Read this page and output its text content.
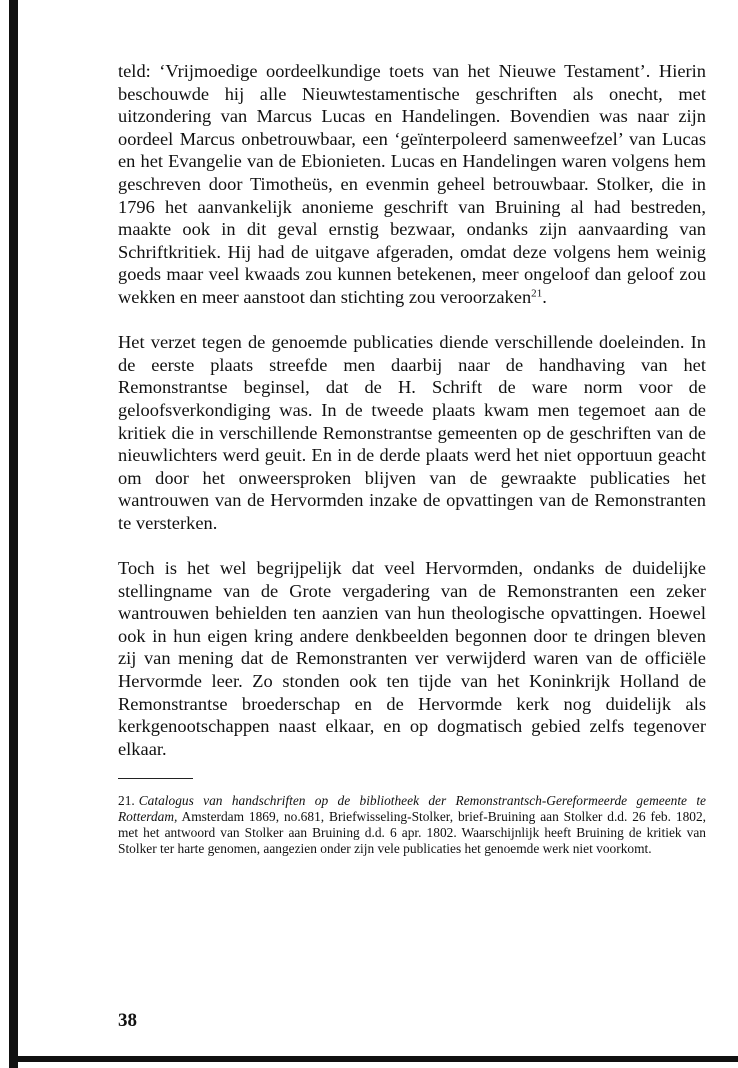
teld: ‘Vrijmoedige oordeelkundige toets van het Nieuwe Testament’. Hierin beschouwde hij alle Nieuwtestamentische geschriften als onecht, met uitzondering van Marcus Lucas en Handelingen. Bovendien was naar zijn oordeel Marcus onbetrouwbaar, een ‘geïnterpoleerd samenweefzel’ van Lucas en het Evangelie van de Ebionieten. Lucas en Handelingen waren volgens hem geschreven door Timotheüs, en evenmin geheel betrouwbaar. Stolker, die in 1796 het aanvankelijk anonieme geschrift van Bruining al had bestreden, maakte ook in dit geval ernstig bezwaar, ondanks zijn aanvaarding van Schriftkritiek. Hij had de uitgave afgeraden, omdat deze volgens hem weinig goeds maar veel kwaads zou kunnen betekenen, meer ongeloof dan geloof zou wekken en meer aanstoot dan stichting zou veroorzaken$^{21}$.

Het verzet tegen de genoemde publicaties diende verschillende doeleinden. In de eerste plaats streefde men daarbij naar de handhaving van het Remonstrantse beginsel, dat de H. Schrift de ware norm voor de geloofsverkondiging was. In de tweede plaats kwam men tegemoet aan de kritiek die in verschillende Remonstrantse gemeenten op de geschriften van de nieuwlichters werd geuit. En in de derde plaats werd het niet opportuun geacht om door het onweersproken blijven van de gewraakte publicaties het wantrouwen van de Hervormden inzake de opvattingen van de Remonstranten te versterken.

Toch is het wel begrijpelijk dat veel Hervormden, ondanks de duidelijke stellingname van de Grote vergadering van de Remonstranten een zeker wantrouwen behielden ten aanzien van hun theologische opvattingen. Hoewel ook in hun eigen kring andere denkbeelden begonnen door te dringen bleven zij van mening dat de Remonstranten ver verwijderd waren van de officiële Hervormde leer. Zo stonden ook ten tijde van het Koninkrijk Holland de Remonstrantse broederschap en de Hervormde kerk nog duidelijk als kerkgenootschappen naast elkaar, en op dogmatisch gebied zelfs tegenover elkaar.

21. Catalogus van handschriften op de bibliotheek der Remonstrantsch-Gereformeerde gemeente te Rotterdam, Amsterdam 1869, no.681, Briefwisseling-Stolker, brief-Bruining aan Stolker d.d. 26 feb. 1802, met het antwoord van Stolker aan Bruining d.d. 6 apr. 1802. Waarschijnlijk heeft Bruining de kritiek van Stolker ter harte genomen, aangezien onder zijn vele publicaties het genoemde werk niet voorkomt.

38
